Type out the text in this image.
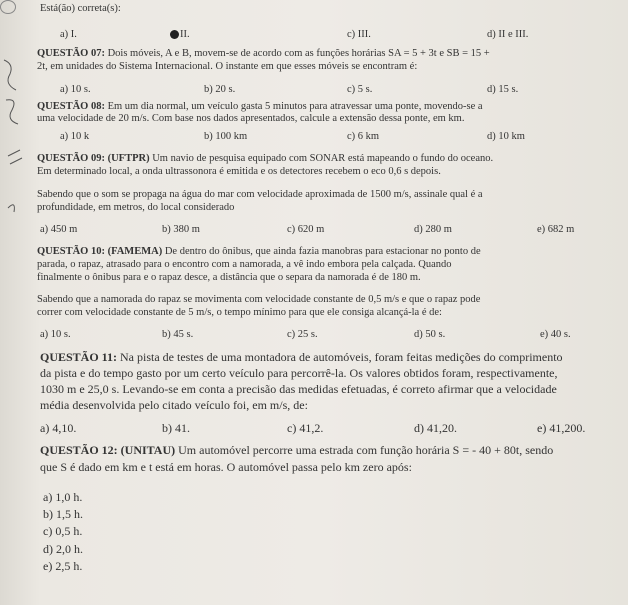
Está(ão) correta(s):
a) I.	II.	c) III.	d) II e III.
QUESTÃO 07: Dois móveis, A e B, movem-se de acordo com as funções horárias SA = 5 + 3t e SB = 15 +
2t, em unidades do Sistema Internacional. O instante em que esses móveis se encontram é:
a) 10 s.	b) 20 s.	c) 5 s.	d) 15 s.
QUESTÃO 08: Em um dia normal, um veículo gasta 5 minutos para atravessar uma ponte, movendo-se a
uma velocidade de 20 m/s. Com base nos dados apresentados, calcule a extensão dessa ponte, em km.
a) 10 k	b) 100 km	c) 6 km	d) 10 km
QUESTÃO 09: (UFTPR) Um navio de pesquisa equipado com SONAR está mapeando o fundo do oceano.
Em determinado local, a onda ultrassonora é emitida e os detectores recebem o eco 0,6 s depois.
Sabendo que o som se propaga na água do mar com velocidade aproximada de 1500 m/s, assinale qual é a
profundidade, em metros, do local considerado
a) 450 m	b) 380 m	c) 620 m	d) 280 m	e) 682 m
QUESTÃO 10: (FAMEMA) De dentro do ônibus, que ainda fazia manobras para estacionar no ponto de
parada, o rapaz, atrasado para o encontro com a namorada, a vê indo embora pela calçada. Quando
finalmente o ônibus para e o rapaz desce, a distância que o separa da namorada é de 180 m.
Sabendo que a namorada do rapaz se movimenta com velocidade constante de 0,5 m/s e que o rapaz pode
correr com velocidade constante de 5 m/s, o tempo mínimo para que ele consiga alcançá-la é de:
a) 10 s.	b) 45 s.	c) 25 s.	d) 50 s.	e) 40 s.
QUESTÃO 11: Na pista de testes de uma montadora de automóveis, foram feitas medições do comprimento
da pista e do tempo gasto por um certo veículo para percorrê-la. Os valores obtidos foram, respectivamente,
1030 m e 25,0 s. Levando-se em conta a precisão das medidas efetuadas, é correto afirmar que a velocidade
média desenvolvida pelo citado veículo foi, em m/s, de:
a) 4,10.	b) 41.	c) 41,2.	d) 41,20.	e) 41,200.
QUESTÃO 12: (UNITAU) Um automóvel percorre uma estrada com função horária S = - 40 + 80t, sendo
que S é dado em km e t está em horas. O automóvel passa pelo km zero após:
a) 1,0 h.
b) 1,5 h.
c) 0,5 h.
d) 2,0 h.
e) 2,5 h.
